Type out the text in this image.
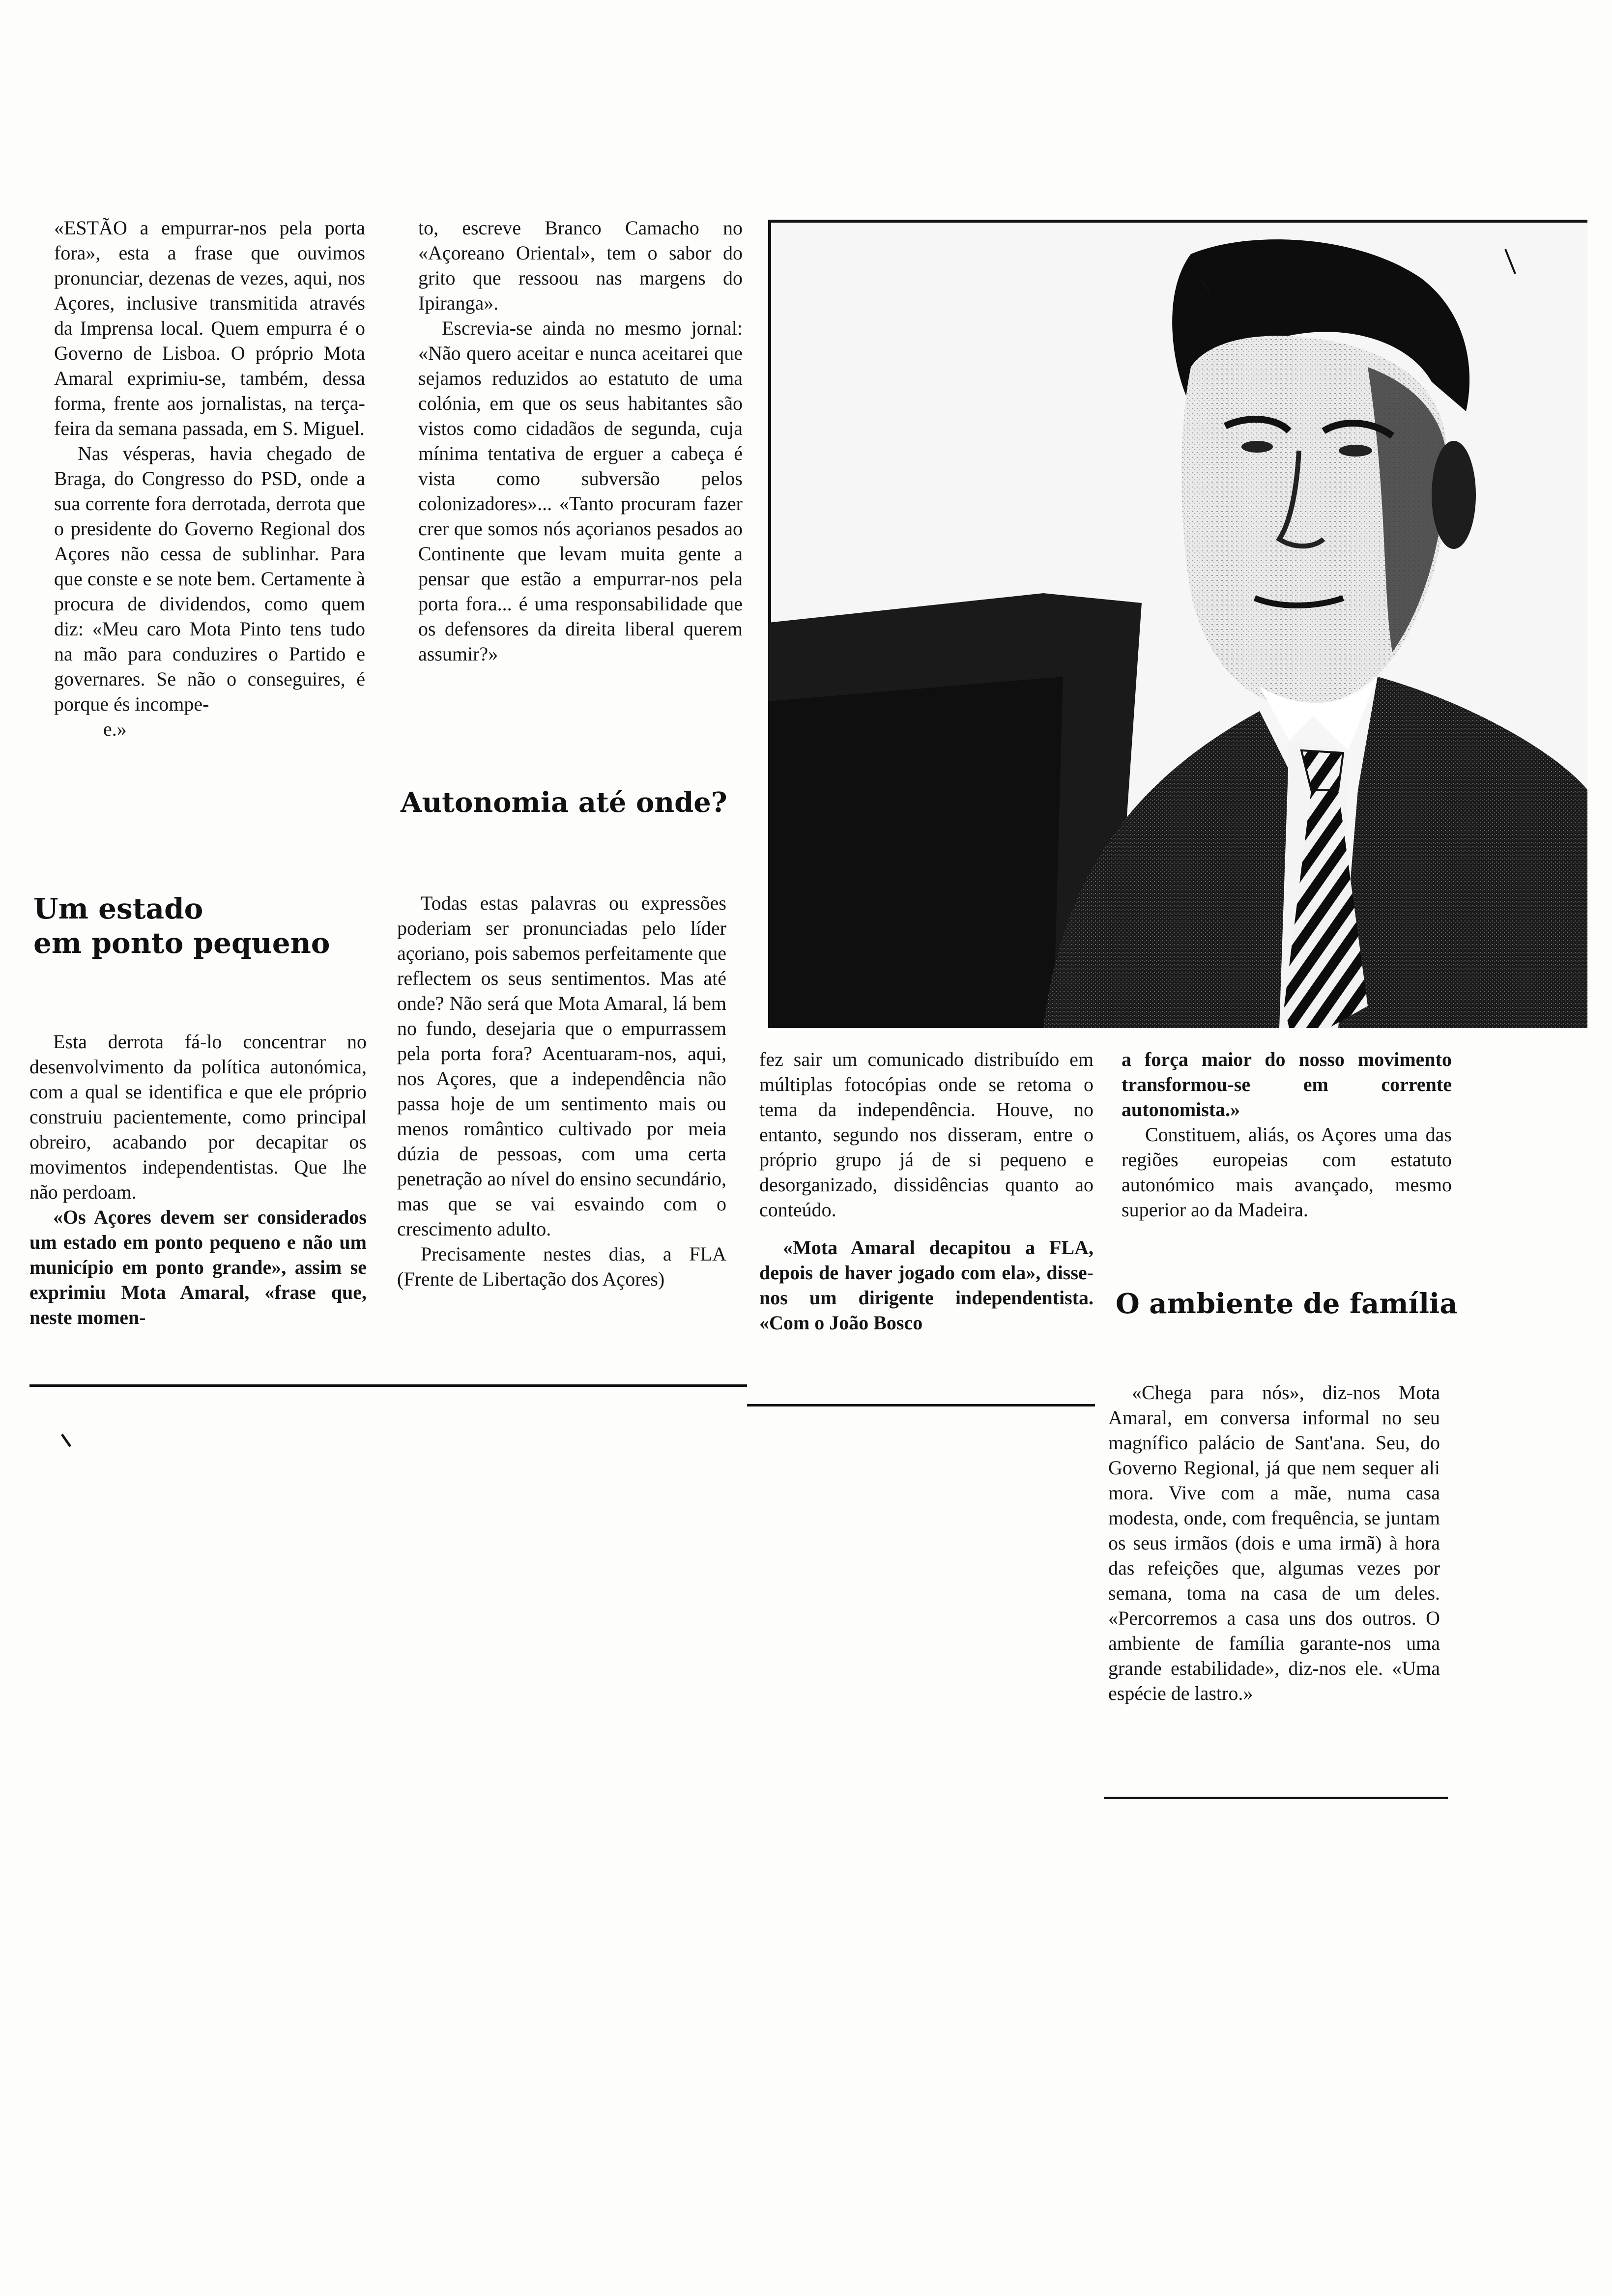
«ESTÃO a empurrar-nos pela porta fora», esta a frase que ouvimos pronunciar, dezenas de vezes, aqui, nos Açores, inclusive transmitida através da Imprensa local. Quem empurra é o Governo de Lisboa. O próprio Mota Amaral exprimiu-se, também, dessa forma, frente aos jornalistas, na terça-feira da semana passada, em S. Miguel.

Nas vésperas, havia chegado de Braga, do Congresso do PSD, onde a sua corrente fora derrotada, derrota que o presidente do Governo Regional dos Açores não cessa de sublinhar. Para que conste e se note bem. Certamente à procura de dividendos, como quem diz: «Meu caro Mota Pinto tens tudo na mão para conduzires o Partido e governares. Se não o conseguires, é porque és incompe-

e.»

Um estado
em ponto pequeno

Esta derrota fá-lo concentrar no desenvolvimento da política autonómica, com a qual se identifica e que ele próprio construiu pacientemente, como principal obreiro, acabando por decapitar os movimentos independentistas. Que lhe não perdoam.

«Os Açores devem ser considerados um estado em ponto pequeno e não um município em ponto grande», assim se exprimiu Mota Amaral, «frase que, neste momen-

to, escreve Branco Camacho no «Açoreano Oriental», tem o sabor do grito que ressoou nas margens do Ipiranga».

Escrevia-se ainda no mesmo jornal: «Não quero aceitar e nunca aceitarei que sejamos reduzidos ao estatuto de uma colónia, em que os seus habitantes são vistos como cidadãos de segunda, cuja mínima tentativa de erguer a cabeça é vista como subversão pelos colonizadores»... «Tanto procuram fazer crer que somos nós açorianos pesados ao Continente que levam muita gente a pensar que estão a empurrar-nos pela porta fora... é uma responsabilidade que os defensores da direita liberal querem assumir?»

Autonomia até onde?

Todas estas palavras ou expressões poderiam ser pronunciadas pelo líder açoriano, pois sabemos perfeitamente que reflectem os seus sentimentos. Mas até onde? Não será que Mota Amaral, lá bem no fundo, desejaria que o empurrassem pela porta fora? Acentuaram-nos, aqui, nos Açores, que a independência não passa hoje de um sentimento mais ou menos romântico cultivado por meia dúzia de pessoas, com uma certa penetração ao nível do ensino secundário, mas que se vai esvaindo com o crescimento adulto.

Precisamente nestes dias, a FLA (Frente de Libertação dos Açores)

fez sair um comunicado distribuído em múltiplas fotocópias onde se retoma o tema da independência. Houve, no entanto, segundo nos disseram, entre o próprio grupo já de si pequeno e desorganizado, dissidências quanto ao conteúdo.

«Mota Amaral decapitou a FLA, depois de haver jogado com ela», disse-nos um dirigente independentista. «Com o João Bosco

a força maior do nosso movimento transformou-se em corrente autonomista.»

Constituem, aliás, os Açores uma das regiões europeias com estatuto autonómico mais avançado, mesmo superior ao da Madeira.

O ambiente de família

«Chega para nós», diz-nos Mota Amaral, em conversa informal no seu magnífico palácio de Sant'ana. Seu, do Governo Regional, já que nem sequer ali mora. Vive com a mãe, numa casa modesta, onde, com frequência, se juntam os seus irmãos (dois e uma irmã) à hora das refeições que, algumas vezes por semana, toma na casa de um deles. «Percorremos a casa uns dos outros. O ambiente de família garante-nos uma grande estabilidade», diz-nos ele. «Uma espécie de lastro.»
